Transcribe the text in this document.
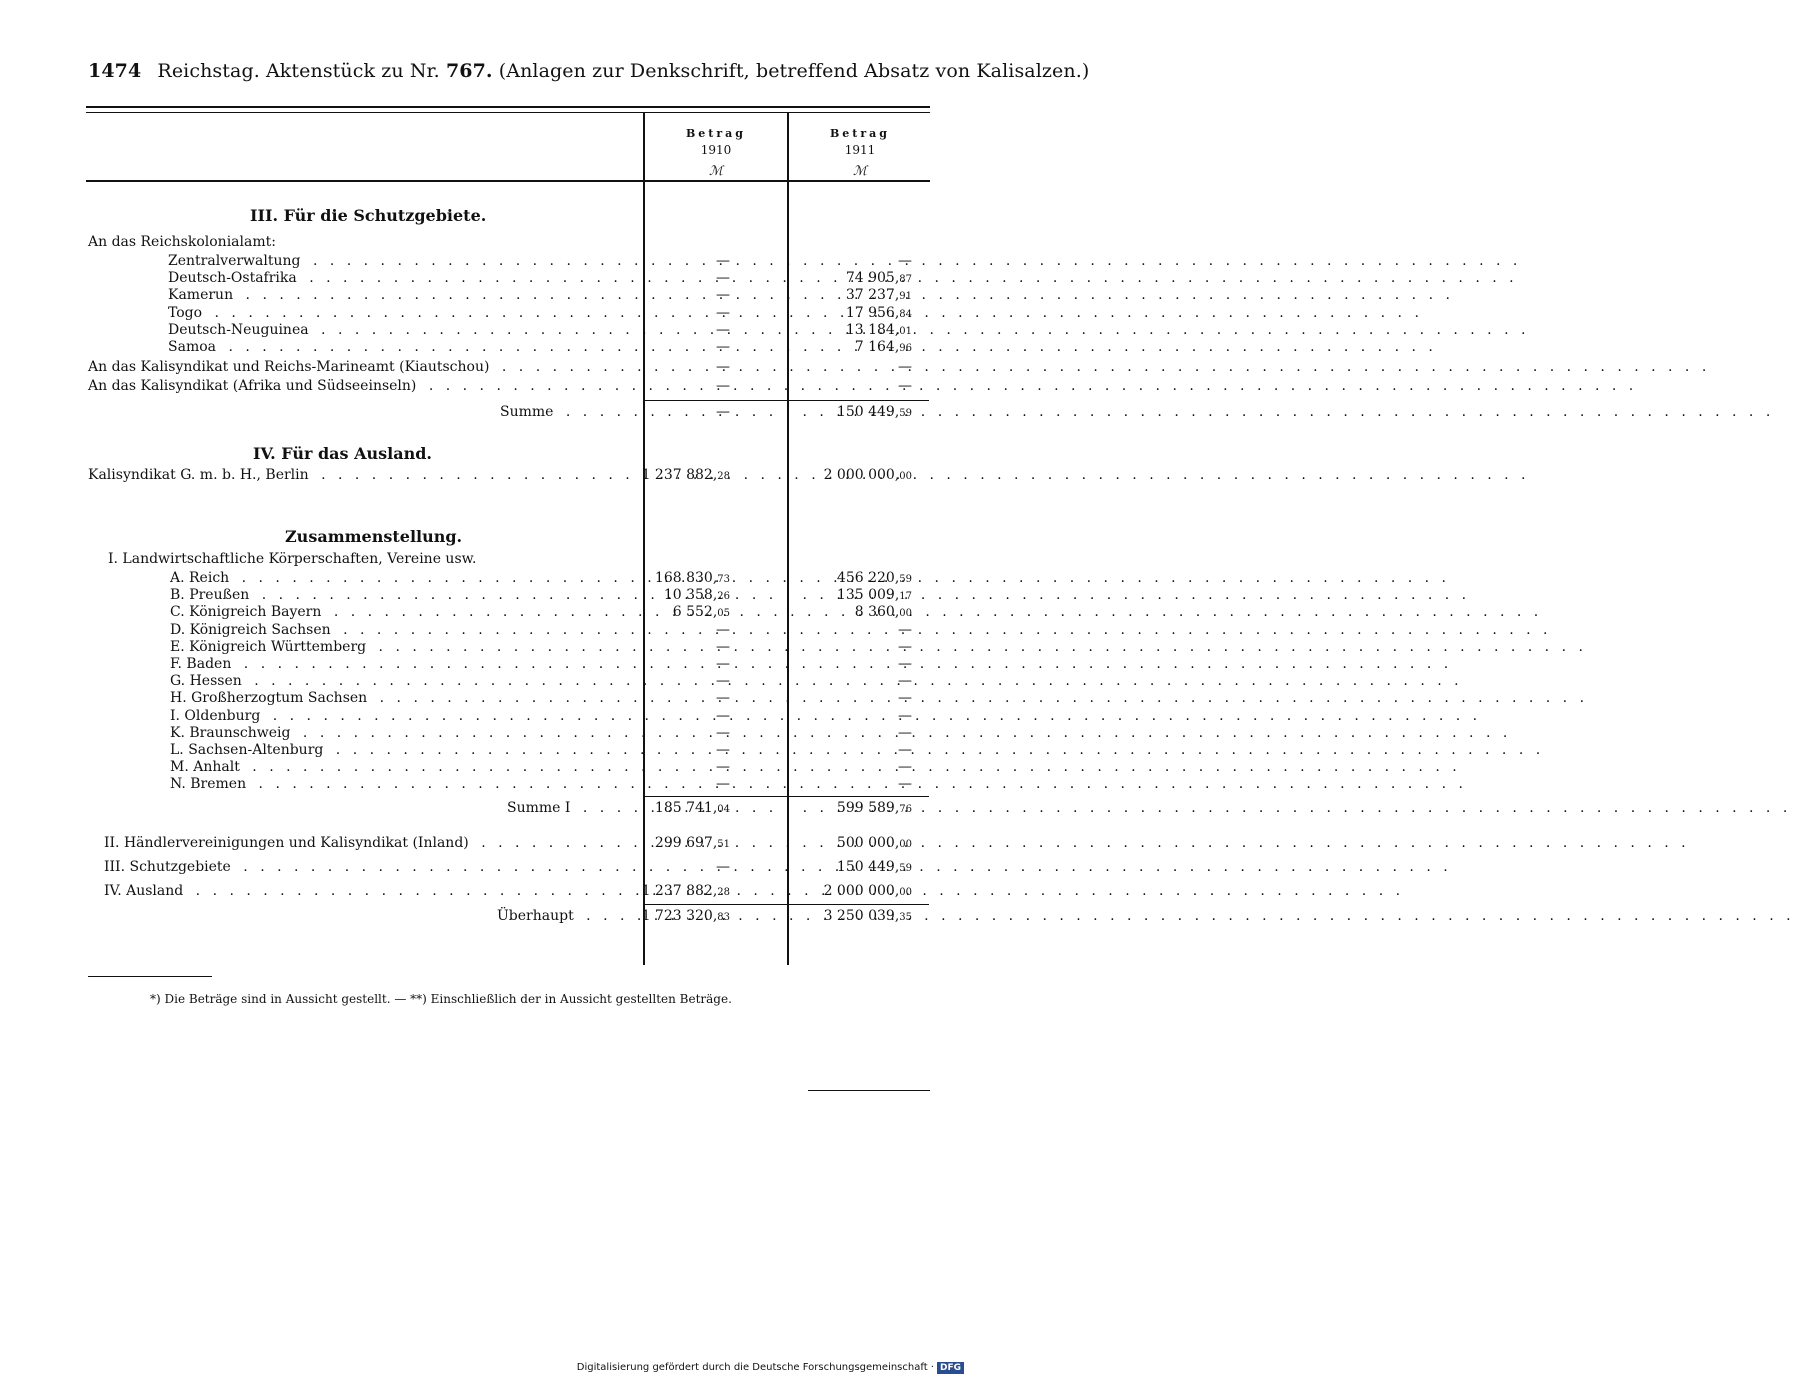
1474 Reichstag. Aktenstück zu Nr. 767. (Anlagen zur Denkschrift, betreffend Absatz von Kalisalzen.)
Betrag
1910
ℳ
Betrag
1911
ℳ
III. Für die Schutzgebiete.
An das Reichskolonialamt:
Zentralverwaltung . . .	—	—
Deutsch-Ostafrika . . .	—	74 905,87
Kamerun . . .	—	37 237,91
Togo . . .	—	17 956,84
Deutsch-Neuguinea . . .	—	13 184,01
Samoa . . .	—	7 164,96
An das Kalisyndikat und Reichs-Marineamt (Kiautschou) . . .	—	—
An das Kalisyndikat (Afrika und Südseeinseln) . . .	—	—
Summe . . .	—	150 449,59
IV. Für das Ausland.
Kalisyndikat G. m. b. H., Berlin . . .	1 237 882,28	2 000 000,00
Zusammenstellung.
I. Landwirtschaftliche Körperschaften, Vereine usw.
A. Reich . . .	168 830,73	456 220,59
B. Preußen . . .	10 358,26	135 009,17
C. Königreich Bayern . . .	6 552,05	8 360,00
D. Königreich Sachsen . . .	—	—
E. Königreich Württemberg . . .	—	—
F. Baden . . .	—	—
G. Hessen . . .	—	—
H. Großherzogtum Sachsen . . .	—	—
I. Oldenburg . . .	—	—
K. Braunschweig . . .	—	—
L. Sachsen-Altenburg . . .	—	—
M. Anhalt . . .	—	—
N. Bremen . . .	—	—
Summe I . . .	185 741,04	599 589,76
II. Händlervereinigungen und Kalisyndikat (Inland) . . .	299 697,51	500 000,00
III. Schutzgebiete . . .	—	150 449,59
IV. Ausland . . .	1 237 882,28	2 000 000,00
Überhaupt . . .	1 723 320,83	3 250 039,35
*) Die Beträge sind in Aussicht gestellt. — **) Einschließlich der in Aussicht gestellten Beträge.
Digitalisierung gefördert durch die Deutsche Forschungsgemeinschaft · DFG
